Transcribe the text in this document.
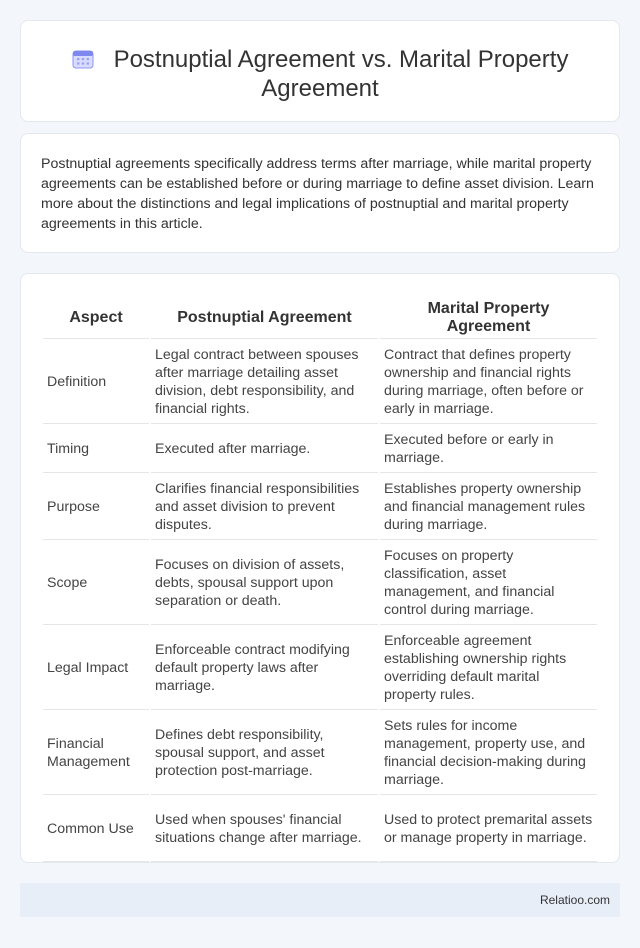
Postnuptial Agreement vs. Marital Property Agreement

Postnuptial agreements specifically address terms after marriage, while marital property agreements can be established before or during marriage to define asset division. Learn more about the distinctions and legal implications of postnuptial and marital property agreements in this article.

Aspect	Postnuptial Agreement	Marital Property Agreement
Definition	Legal contract between spouses after marriage detailing asset division, debt responsibility, and financial rights.	Contract that defines property ownership and financial rights during marriage, often before or early in marriage.
Timing	Executed after marriage.	Executed before or early in marriage.
Purpose	Clarifies financial responsibilities and asset division to prevent disputes.	Establishes property ownership and financial management rules during marriage.
Scope	Focuses on division of assets, debts, spousal support upon separation or death.	Focuses on property classification, asset management, and financial control during marriage.
Legal Impact	Enforceable contract modifying default property laws after marriage.	Enforceable agreement establishing ownership rights overriding default marital property rules.
Financial Management	Defines debt responsibility, spousal support, and asset protection post-marriage.	Sets rules for income management, property use, and financial decision-making during marriage.
Common Use	Used when spouses' financial situations change after marriage.	Used to protect premarital assets or manage property in marriage.
Relatioo.com
